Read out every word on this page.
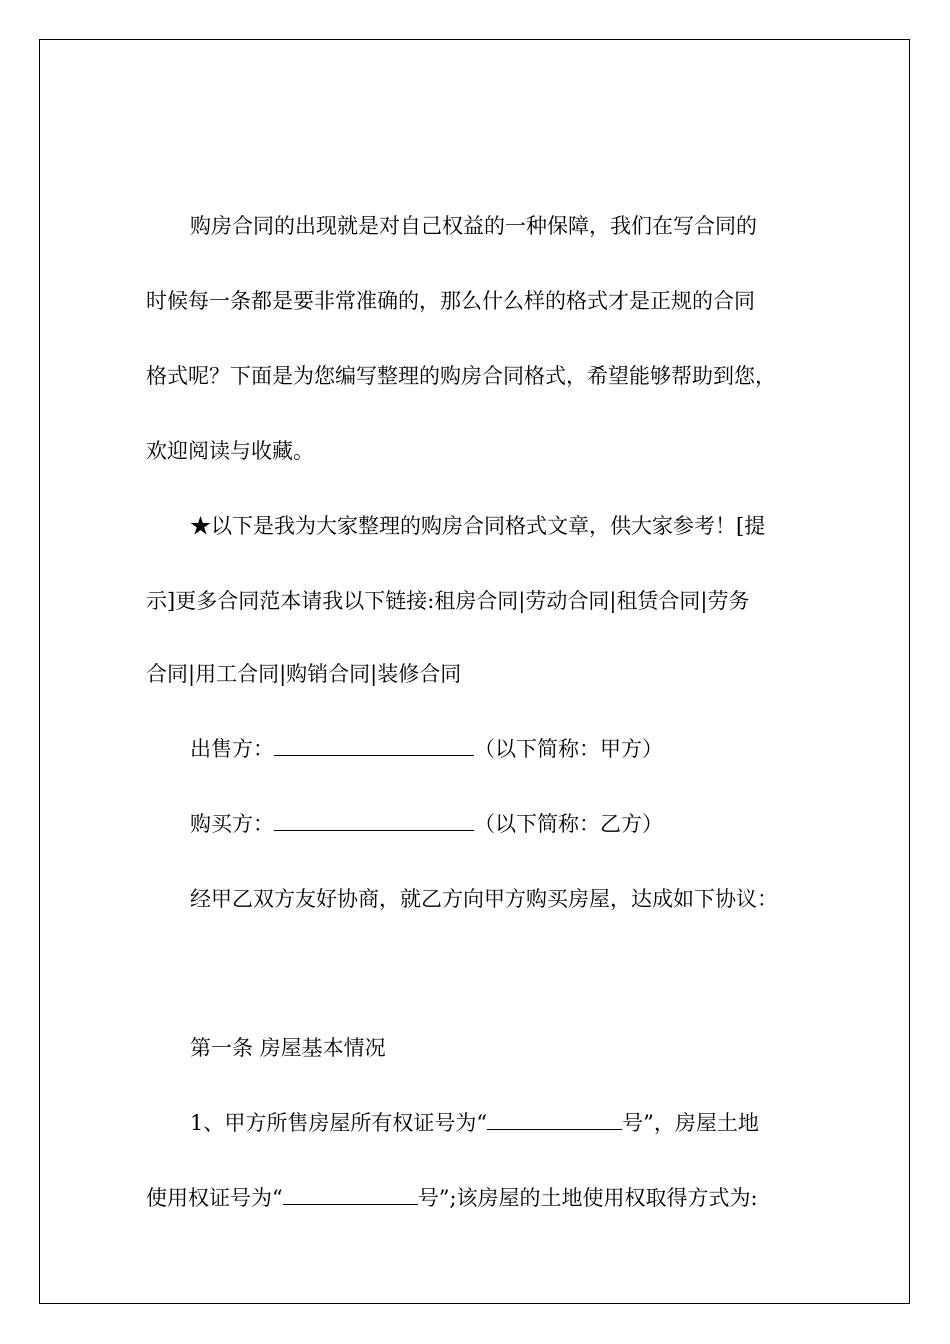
购房合同的出现就是对自己权益的一种保障，我们在写合同的
时候每一条都是要非常准确的，那么什么样的格式才是正规的合同
格式呢？下面是为您编写整理的购房合同格式，希望能够帮助到您，
欢迎阅读与收藏。
★以下是我为大家整理的购房合同格式文章，供大家参考！[提
示]更多合同范本请我以下链接:租房合同|劳动合同|租赁合同|劳务
合同|用工合同|购销合同|装修合同
出售方：	（以下简称：甲方）
购买方：	（以下简称：乙方）
经甲乙双方友好协商，就乙方向甲方购买房屋，达成如下协议：
第一条 房屋基本情况
1、甲方所售房屋所有权证号为“	号”，房屋土地
使用权证号为“	号”;该房屋的土地使用权取得方式为:
